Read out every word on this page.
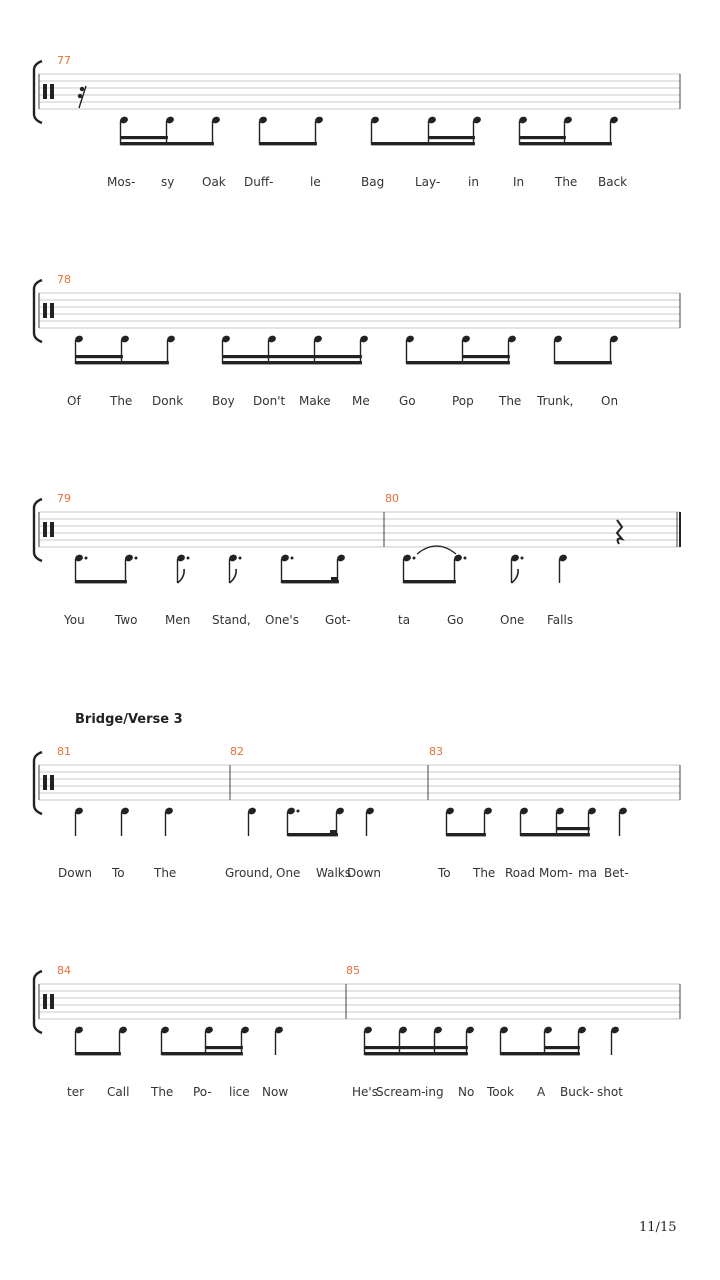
Bridge/Verse 3
77
Mos- sy Oak Duff-	le	Bag	Lay- in	In	The Back
78
Of The Donk Boy Don't Make Me Go	Pop The Trunk, On
79	80
You	Two Men Stand, One's Got-	ta	Go	One Falls
81	82	83
Down To The	Ground, One Walks
Down	To The Road Mom- ma Bet-
84	85
ter Call The Po- lice Now	He's
Scream- ing No Took A Buck- shot
11/15
